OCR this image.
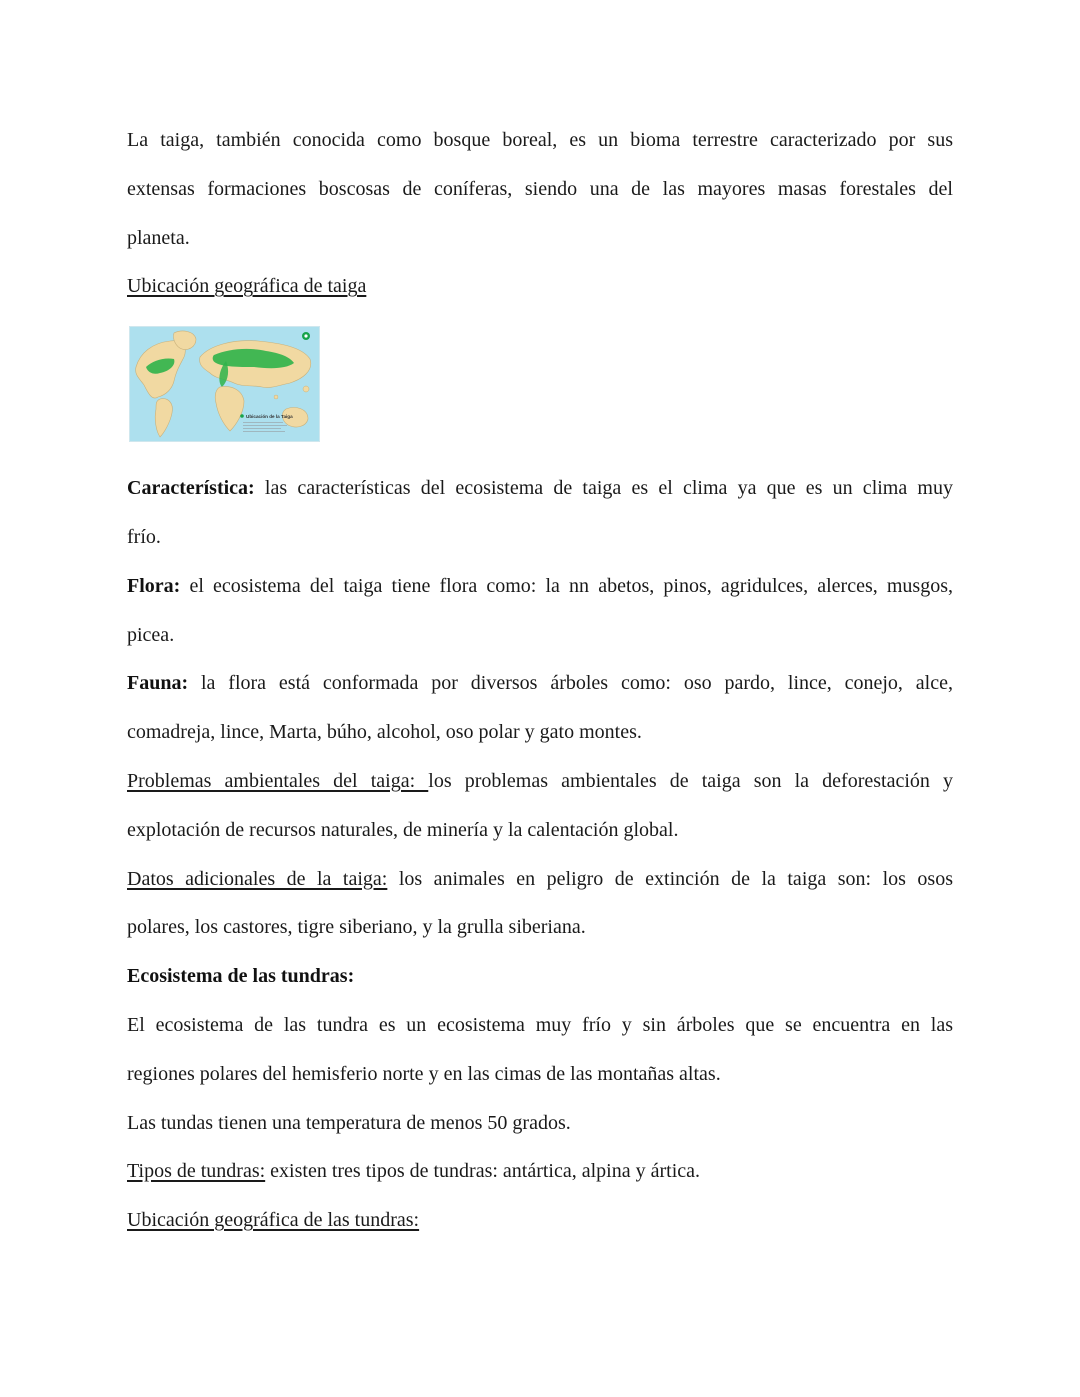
La taiga, también conocida como bosque boreal, es un bioma terrestre caracterizado por sus
extensas formaciones boscosas de coníferas, siendo una de las mayores masas forestales del
planeta.
Ubicación geográfica de taiga
Ubicación de la Taiga
Característica: las características del ecosistema de taiga es el clima ya que es un clima muy
frío.
Flora: el ecosistema del taiga tiene flora como: la nn abetos, pinos, agridulces, alerces, musgos,
picea.
Fauna: la flora está conformada por diversos árboles como: oso pardo, lince, conejo, alce,
comadreja, lince, Marta, búho, alcohol, oso polar y gato montes.
Problemas ambientales del taiga: los problemas ambientales de taiga son la deforestación y
explotación de recursos naturales, de minería y la calentación global.
Datos adicionales de la taiga: los animales en peligro de extinción de la taiga son: los osos
polares, los castores, tigre siberiano, y la grulla siberiana.
Ecosistema de las tundras:
El ecosistema de las tundra es un ecosistema muy frío y sin árboles que se encuentra en las
regiones polares del hemisferio norte y en las cimas de las montañas altas.
Las tundas tienen una temperatura de menos 50 grados.
Tipos de tundras: existen tres tipos de tundras: antártica, alpina y ártica.
Ubicación geográfica de las tundras:
